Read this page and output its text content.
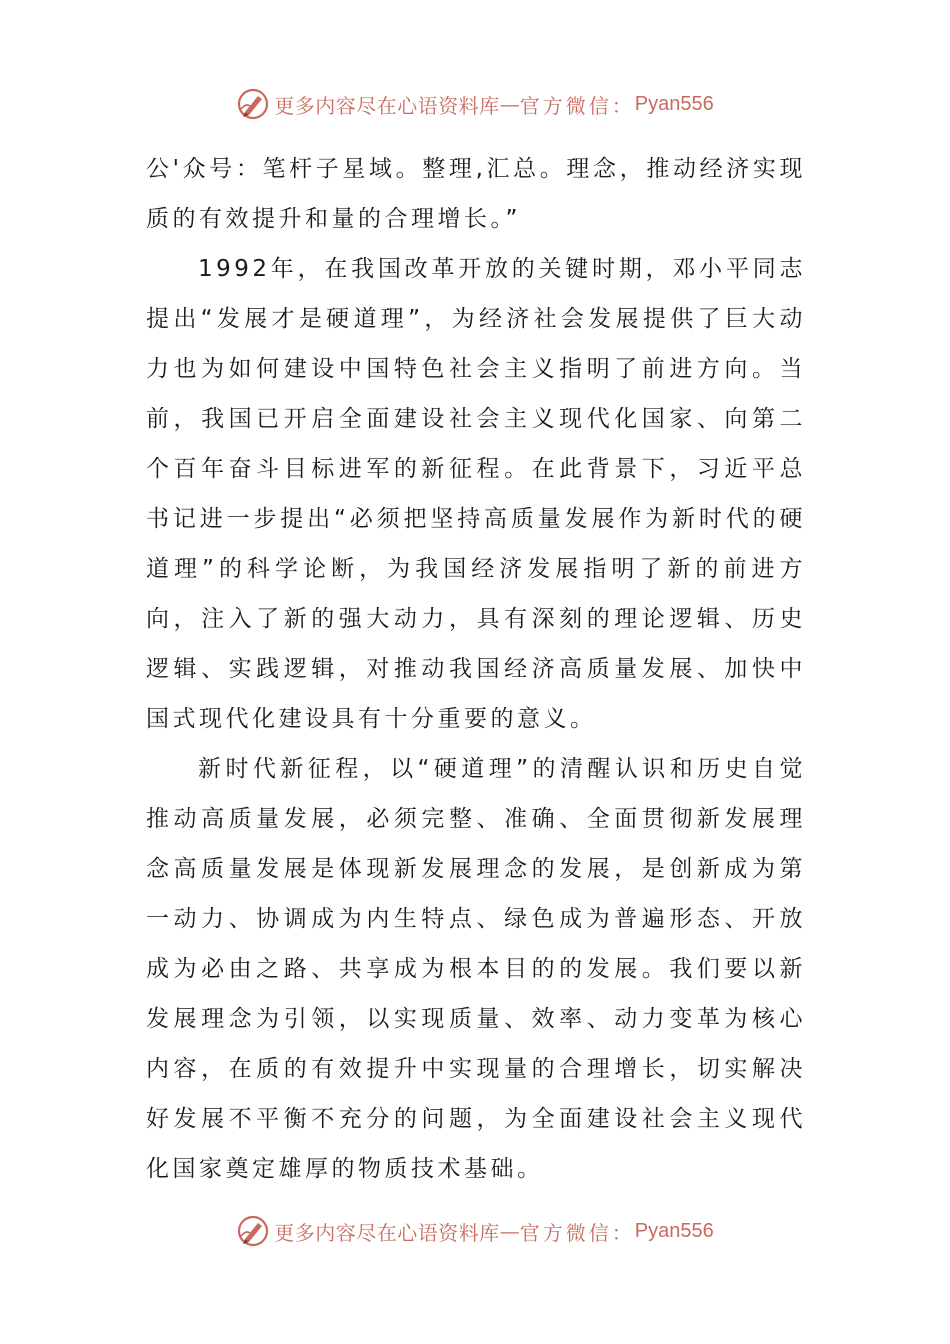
更多内容尽在心语资料库 — 官方微信： Pyan556

公'众号：笔杆子星域。整理,汇总。理念，推动经济实现质的有效提升和量的合理增长。”

1992年，在我国改革开放的关键时期，邓小平同志提出“发展才是硬道理”，为经济社会发展提供了巨大动力也为如何建设中国特色社会主义指明了前进方向。当前，我国已开启全面建设社会主义现代化国家、向第二个百年奋斗目标进军的新征程。在此背景下，习近平总书记进一步提出“必须把坚持高质量发展作为新时代的硬道理”的科学论断，为我国经济发展指明了新的前进方向，注入了新的强大动力，具有深刻的理论逻辑、历史逻辑、实践逻辑，对推动我国经济高质量发展、加快中国式现代化建设具有十分重要的意义。

新时代新征程，以“硬道理”的清醒认识和历史自觉推动高质量发展，必须完整、准确、全面贯彻新发展理念高质量发展是体现新发展理念的发展，是创新成为第一动力、协调成为内生特点、绿色成为普遍形态、开放成为必由之路、共享成为根本目的的发展。我们要以新发展理念为引领，以实现质量、效率、动力变革为核心内容，在质的有效提升中实现量的合理增长，切实解决好发展不平衡不充分的问题，为全面建设社会主义现代化国家奠定雄厚的物质技术基础。

更多内容尽在心语资料库 — 官方微信： Pyan556
